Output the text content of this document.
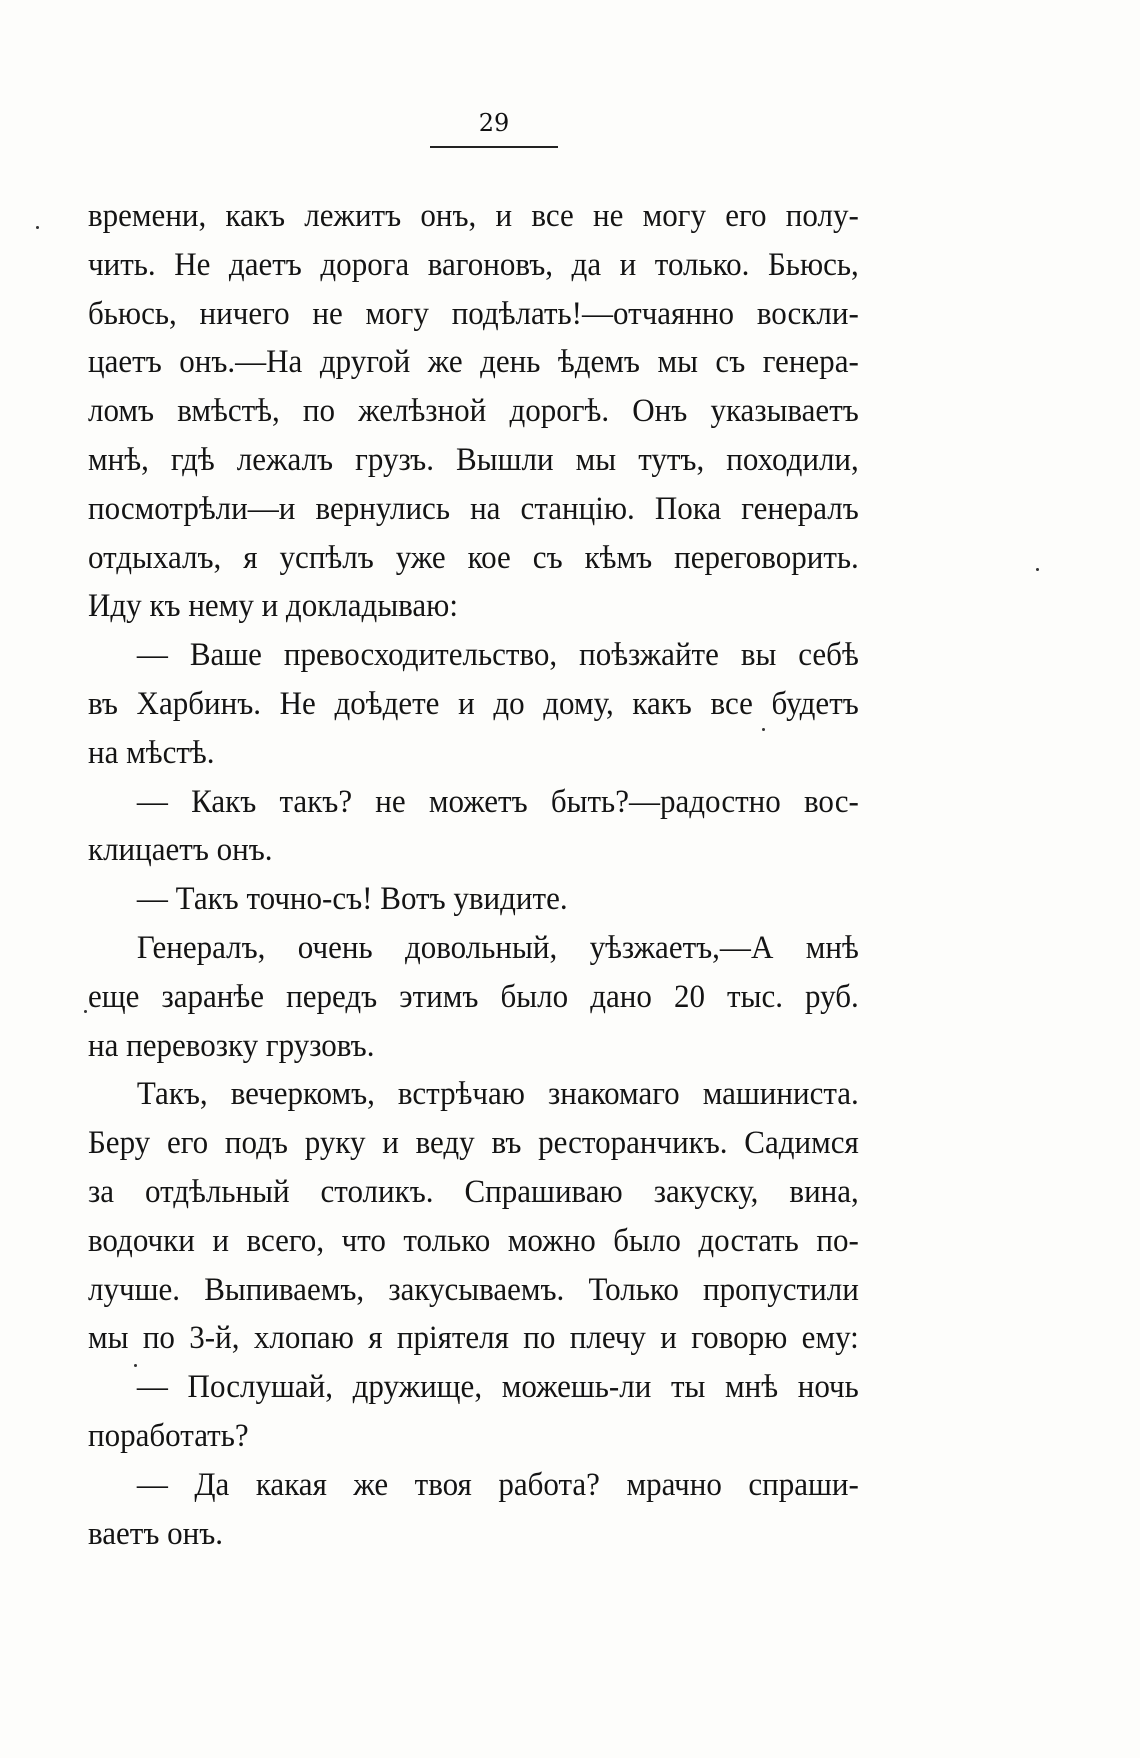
29
времени, какъ лежитъ онъ, и все не могу его полу-
чить. Не даетъ дорога вагоновъ, да и только. Бьюсь,
бьюсь, ничего не могу подѣлать!—отчаянно воскли-
цаетъ онъ.—На другой же день ѣдемъ мы съ генера-
ломъ вмѣстѣ, по желѣзной дорогѣ. Онъ указываетъ
мнѣ, гдѣ лежалъ грузъ. Вышли мы тутъ, походили,
посмотрѣли—и вернулись на станцію. Пока генералъ
отдыхалъ, я успѣлъ уже кое съ кѣмъ переговорить.
Иду къ нему и докладываю:
— Ваше превосходительство, поѣзжайте вы себѣ
въ Харбинъ. Не доѣдете и до дому, какъ все будетъ
на мѣстѣ.
— Какъ такъ? не можетъ быть?—радостно вос-
клицаетъ онъ.
— Такъ точно-съ! Вотъ увидите.
Генералъ, очень довольный, уѣзжаетъ,—А мнѣ
еще заранѣе передъ этимъ было дано 20 тыс. руб.
на перевозку грузовъ.
Такъ, вечеркомъ, встрѣчаю знакомаго машиниста.
Беру его подъ руку и веду въ ресторанчикъ. Садимся
за отдѣльный столикъ. Спрашиваю закуску, вина,
водочки и всего, что только можно было достать по-
лучше. Выпиваемъ, закусываемъ. Только пропустили
мы по 3-й, хлопаю я пріятеля по плечу и говорю ему:
— Послушай, дружище, можешь-ли ты мнѣ ночь
поработать?
— Да какая же твоя работа? мрачно спраши-
ваетъ онъ.
